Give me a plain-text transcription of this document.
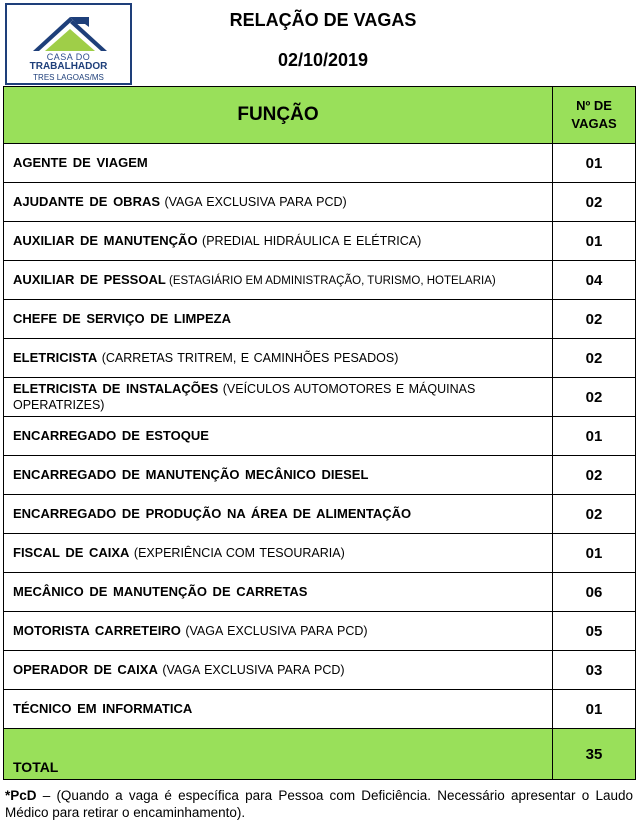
CASA DO
TRABALHADOR
TRES LAGOAS/MS
RELAÇÃO DE VAGAS
02/10/2019
FUNÇÃO	Nº DE
VAGAS

AGENTE DE VIAGEM	01
AJUDANTE DE OBRAS (VAGA EXCLUSIVA PARA PCD)	02
AUXILIAR DE MANUTENÇÃO (PREDIAL HIDRÁULICA E ELÉTRICA)	01
AUXILIAR DE PESSOAL (ESTAGIÁRIO EM ADMINISTRAÇÃO, TURISMO, HOTELARIA)	04
CHEFE DE SERVIÇO DE LIMPEZA	02
ELETRICISTA (CARRETAS TRITREM, E CAMINHÕES PESADOS)	02
ELETRICISTA DE INSTALAÇÕES (VEÍCULOS AUTOMOTORES E MÁQUINAS OPERATRIZES)	02
ENCARREGADO DE ESTOQUE	01
ENCARREGADO DE MANUTENÇÃO MECÂNICO DIESEL	02
ENCARREGADO DE PRODUÇÃO NA ÁREA DE ALIMENTAÇÃO	02
FISCAL DE CAIXA (EXPERIÊNCIA COM TESOURARIA)	01
MECÂNICO DE MANUTENÇÃO DE CARRETAS	06
MOTORISTA CARRETEIRO (VAGA EXCLUSIVA PARA PCD)	05
OPERADOR DE CAIXA (VAGA EXCLUSIVA PARA PCD)	03
TÉCNICO EM INFORMATICA	01
TOTAL	35
*PcD – (Quando a vaga é específica para Pessoa com Deficiência. Necessário apresentar o Laudo Médico para retirar o encaminhamento).
